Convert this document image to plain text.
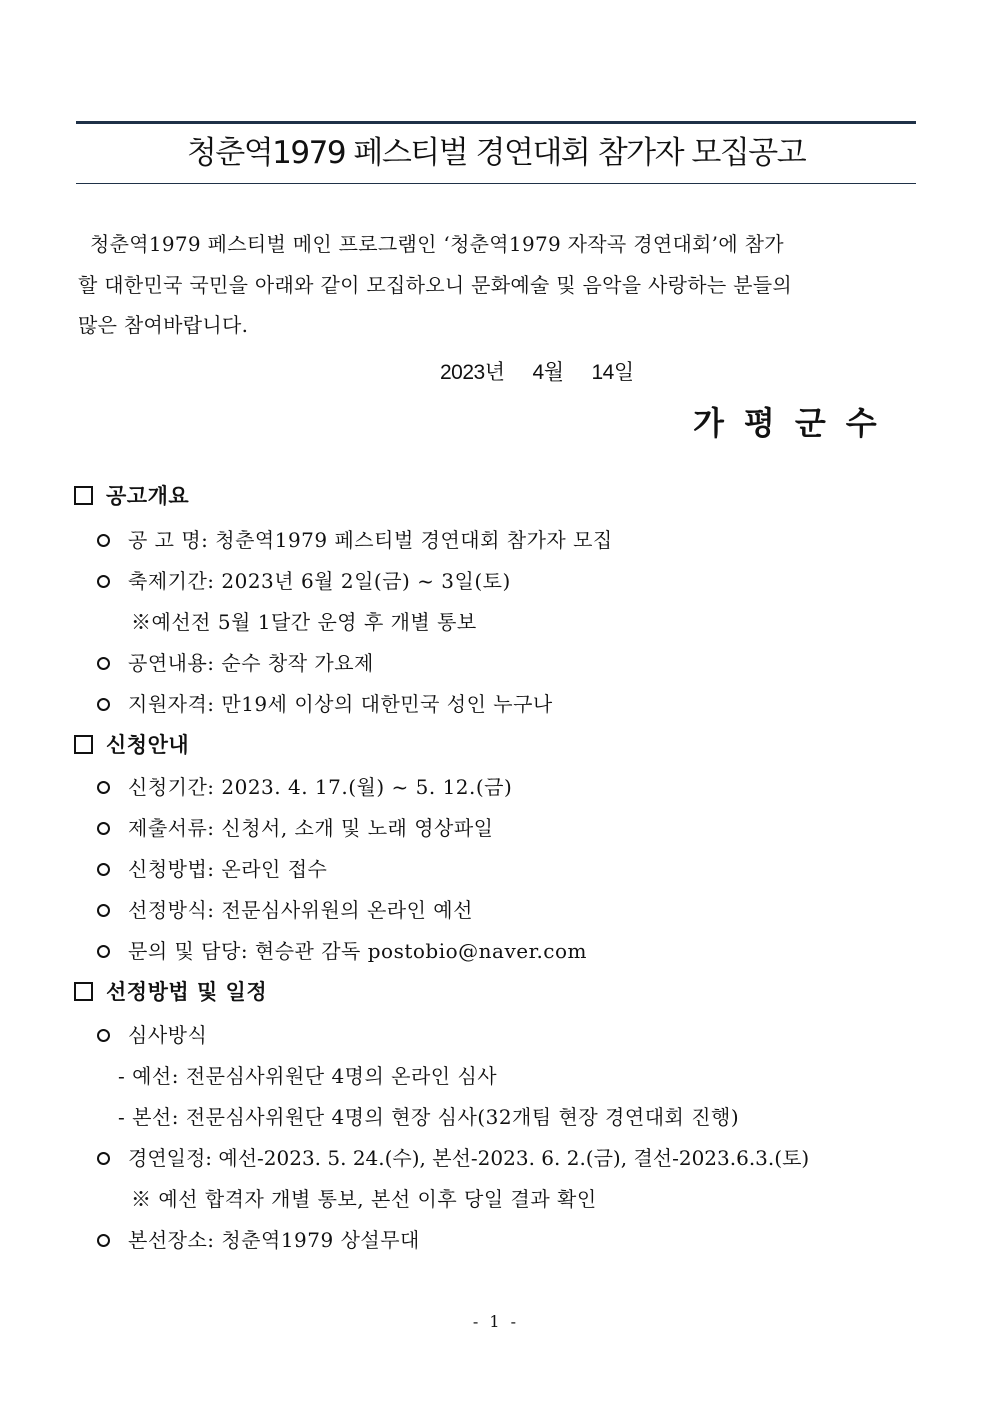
청춘역1979 페스티벌 경연대회 참가자 모집공고

청춘역1979 페스티벌 메인 프로그램인 ‘청춘역1979 자작곡 경연대회’에 참가
할 대한민국 국민을 아래와 같이 모집하오니 문화예술 및 음악을 사랑하는 분들의
많은 참여바랍니다.

2023년 4월 14일
가평군수
공고개요
공 고 명: 청춘역1979 페스티벌 경연대회 참가자 모집
축제기간: 2023년 6월 2일(금) ~ 3일(토)
※예선전 5월 1달간 운영 후 개별 통보
공연내용: 순수 창작 가요제
지원자격: 만19세 이상의 대한민국 성인 누구나
신청안내
신청기간: 2023. 4. 17.(월) ~ 5. 12.(금)
제출서류: 신청서, 소개 및 노래 영상파일
신청방법: 온라인 접수
선정방식: 전문심사위원의 온라인 예선
문의 및 담당: 현승관 감독 postobio@naver.com
선정방법 및 일정
심사방식
- 예선: 전문심사위원단 4명의 온라인 심사
- 본선: 전문심사위원단 4명의 현장 심사(32개팀 현장 경연대회 진행)
경연일정: 예선-2023. 5. 24.(수), 본선-2023. 6. 2.(금), 결선-2023.6.3.(토)
※ 예선 합격자 개별 통보, 본선 이후 당일 결과 확인
본선장소: 청춘역1979 상설무대
- 1 -
